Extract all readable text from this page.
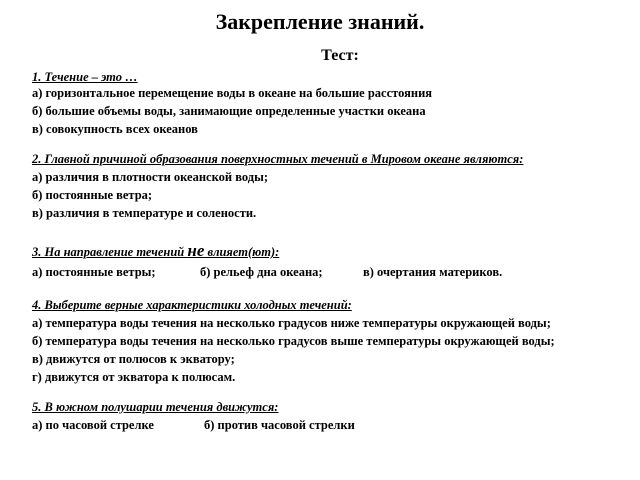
Закрепление знаний.
Тест:
1. Течение – это …
а) горизонтальное перемещение воды в океане на большие расстояния
б) большие объемы воды, занимающие определенные участки океана
в) совокупность всех океанов
2. Главной причиной образования поверхностных течений в Мировом океане являются:
а) различия в плотности океанской воды;
б) постоянные ветра;
в) различия в температуре и солености.
3. На направление течений не влияет(ют):
а) постоянные ветры;	б) рельеф дна океана;	в) очертания материков.
4. Выберите верные характеристики холодных течений:
а) температура воды течения на несколько градусов ниже температуры окружающей воды;
б) температура воды течения на несколько градусов выше температуры окружающей воды;
в) движутся от полюсов к экватору;
г) движутся от экватора к полюсам.
5. В южном полушарии течения движутся:
а) по часовой стрелке	б) против часовой стрелки
